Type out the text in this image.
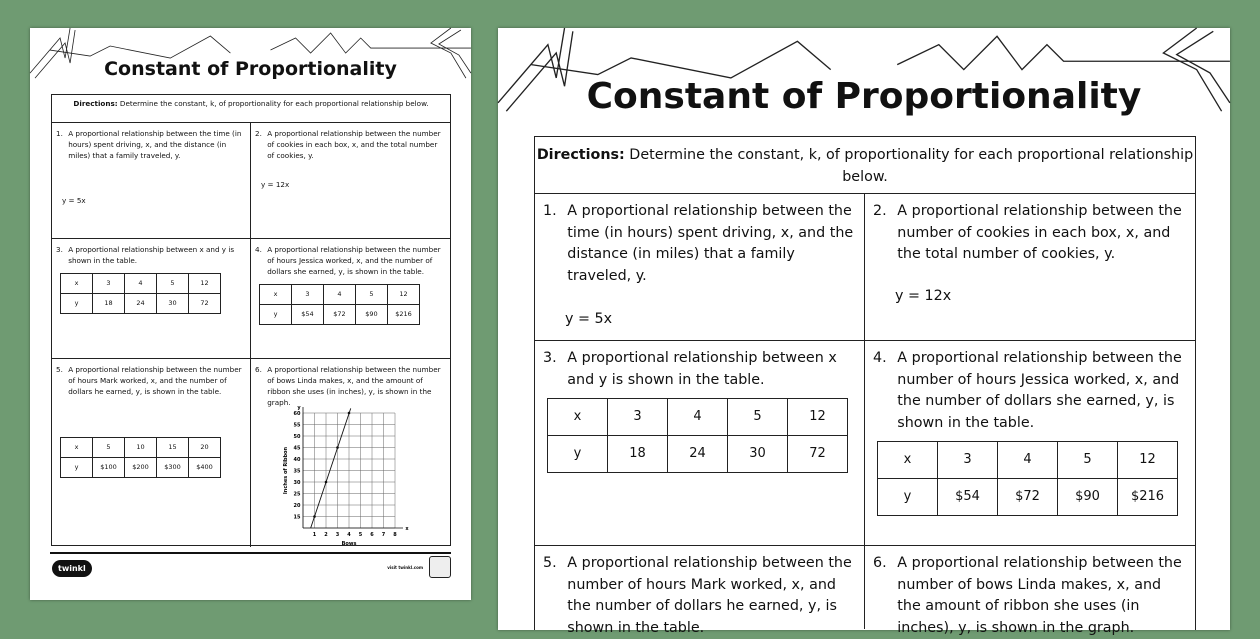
Constant of Proportionality
Directions: Determine the constant, k, of proportionality for each proportional relationship below.
1. A proportional relationship between the time (in hours) spent driving, x, and the distance (in miles) that a family traveled, y.
y = 5x
2. A proportional relationship between the number of cookies in each box, x, and the total number of cookies, y.
y = 12x
3. A proportional relationship between x and y is shown in the table.
x	3	4	5	12
y	18	24	30	72
4. A proportional relationship between the number of hours Jessica worked, x, and the number of dollars she earned, y, is shown in the table.
x	3	4	5	12
y	$54	$72	$90	$216
5. A proportional relationship between the number of hours Mark worked, x, and the number of dollars he earned, y, is shown in the table.
x	5	10	15	20
y	$100	$200	$300	$400
6. A proportional relationship between the number of bows Linda makes, x, and the amount of ribbon she uses (in inches), y, is shown in the graph.
1 2 3 4 5 6 7 8
15
20
25
30
35
40
45
50
55
60
Bows
x
y
Inches of Ribbon
twinkl	visit twinkl.com
Constant of Proportionality
Directions: Determine the constant, k, of proportionality for each proportional relationship below.
1. A proportional relationship between the time (in hours) spent driving, x, and the distance (in miles) that a family traveled, y.
y = 5x
2. A proportional relationship between the number of cookies in each box, x, and the total number of cookies, y.
y = 12x
3. A proportional relationship between x and y is shown in the table.
x	3	4	5	12
y	18	24	30	72
4. A proportional relationship between the number of hours Jessica worked, x, and the number of dollars she earned, y, is shown in the table.
x	3	4	5	12
y	$54	$72	$90	$216
5. A proportional relationship between the number of hours Mark worked, x, and the number of dollars he earned, y, is shown in the table.
6. A proportional relationship between the number of bows Linda makes, x, and the amount of ribbon she uses (in inches), y, is shown in the graph.
